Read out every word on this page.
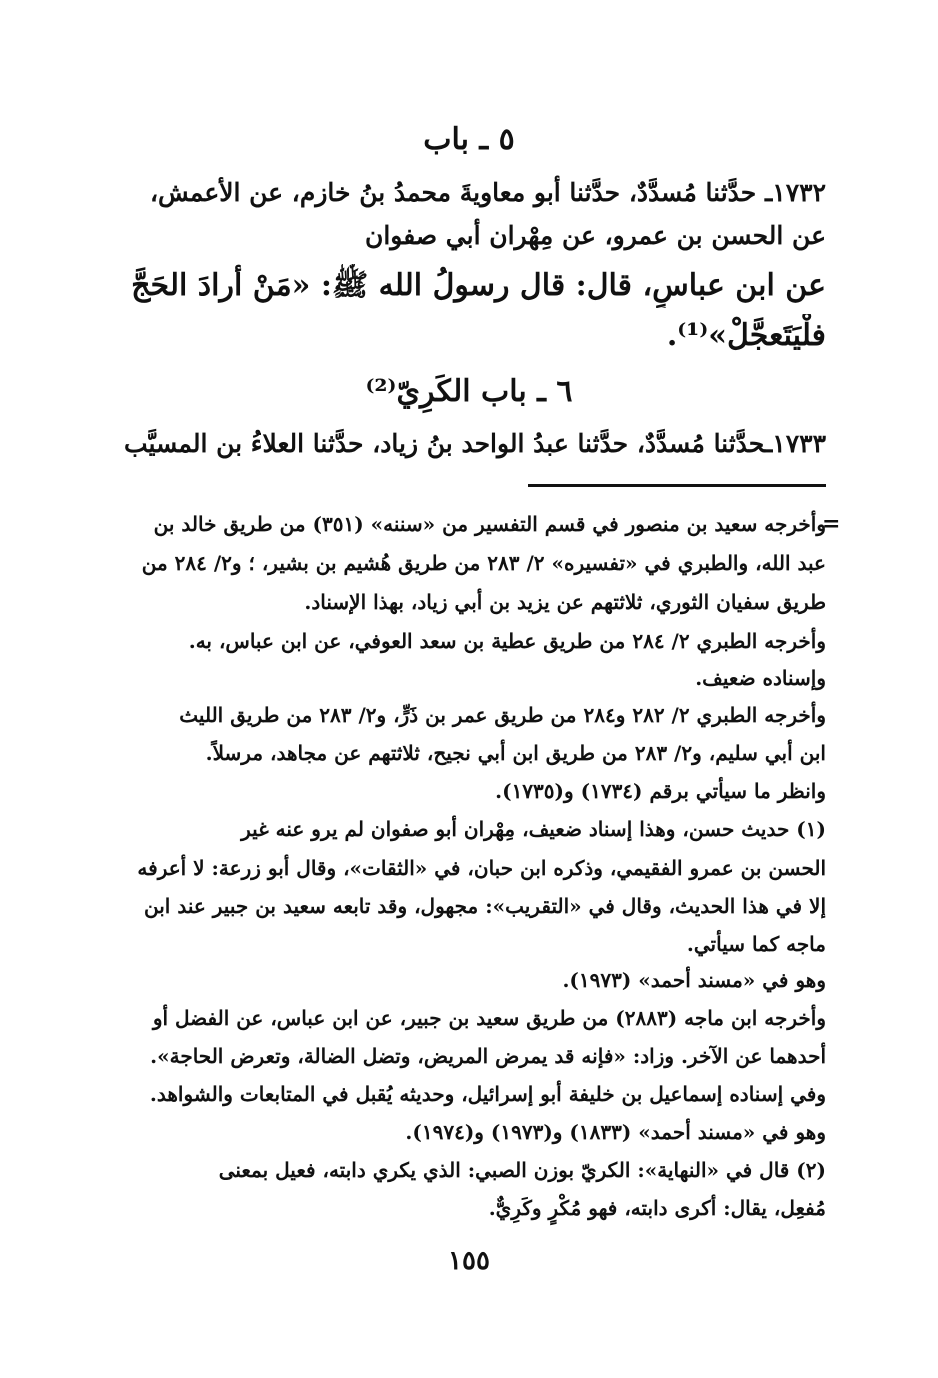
٥ ـ باب
١٧٣٢ـ حدَّثنا مُسدَّدٌ، حدَّثنا أبو معاويةَ محمدُ بنُ خازم، عن الأعمش،
عن الحسن بن عمرو، عن مِهْران أبي صفوان
عن ابن عباسٍ، قال: قال رسولُ الله ﷺ: «مَنْ أرادَ الحَجَّ
فلْيَتَعجَّلْ»⁽¹⁾.
٦ ـ باب الكَرِيّ⁽²⁾
١٧٣٣ـحدَّثنا مُسدَّدٌ، حدَّثنا عبدُ الواحد بنُ زياد، حدَّثنا العلاءُ بن المسيَّب
=
وأخرجه سعيد بن منصور في قسم التفسير من «سننه» (٣٥١) من طريق خالد بن
عبد الله، والطبري في «تفسيره» ٢/ ٢٨٣ من طريق هُشيم بن بشير، ؛ و٢/ ٢٨٤ من
طريق سفيان الثوري، ثلاثتهم عن يزيد بن أبي زياد، بهذا الإسناد.
وأخرجه الطبري ٢/ ٢٨٤ من طريق عطية بن سعد العوفي، عن ابن عباس، به.
وإسناده ضعيف.
وأخرجه الطبري ٢/ ٢٨٢ و٢٨٤ من طريق عمر بن ذَرٍّ، و٢/ ٢٨٣ من طريق الليث
ابن أبي سليم، و٢/ ٢٨٣ من طريق ابن أبي نجيح، ثلاثتهم عن مجاهد، مرسلاً.
وانظر ما سيأتي برقم (١٧٣٤) و(١٧٣٥).
(١) حديث حسن، وهذا إسناد ضعيف، مِهْران أبو صفوان لم يرو عنه غير
الحسن بن عمرو الفقيمي، وذكره ابن حبان، في «الثقات»، وقال أبو زرعة: لا أعرفه
إلا في هذا الحديث، وقال في «التقريب»: مجهول، وقد تابعه سعيد بن جبير عند ابن
ماجه كما سيأتي.
وهو في «مسند أحمد» (١٩٧٣).
وأخرجه ابن ماجه (٢٨٨٣) من طريق سعيد بن جبير، عن ابن عباس، عن الفضل أو
أحدهما عن الآخر. وزاد: «فإنه قد يمرض المريض، وتضل الضالة، وتعرض الحاجة».
وفي إسناده إسماعيل بن خليفة أبو إسرائيل، وحديثه يُقبل في المتابعات والشواهد.
وهو في «مسند أحمد» (١٨٣٣) و(١٩٧٣) و(١٩٧٤).
(٢) قال في «النهاية»: الكريّ بوزن الصبي: الذي يكري دابته، فعيل بمعنى
مُفعِل، يقال: أكرى دابته، فهو مُكْرٍ وكَرِيٌّ.
١٥٥
